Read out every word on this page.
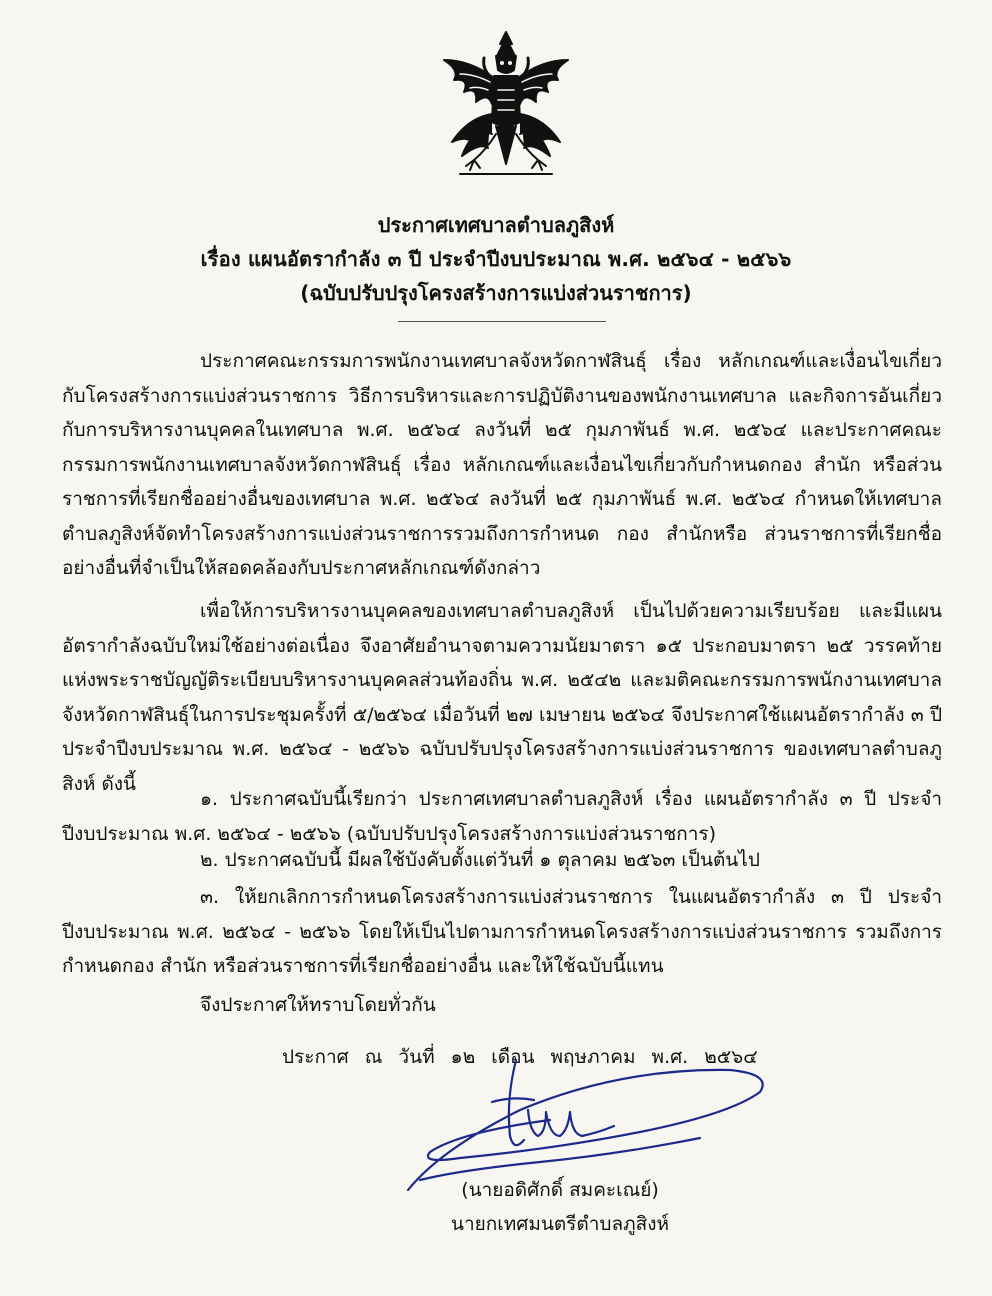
ประกาศเทศบาลตำบลภูสิงห์
เรื่อง แผนอัตรากำลัง ๓ ปี ประจำปีงบประมาณ พ.ศ. ๒๕๖๔ - ๒๕๖๖
(ฉบับปรับปรุงโครงสร้างการแบ่งส่วนราชการ)
ประกาศคณะกรรมการพนักงานเทศบาลจังหวัดกาฬสินธุ์ เรื่อง หลักเกณฑ์และเงื่อนไขเกี่ยวกับโครงสร้างการแบ่งส่วนราชการ วิธีการบริหารและการปฏิบัติงานของพนักงานเทศบาล และกิจการอันเกี่ยวกับการบริหารงานบุคคลในเทศบาล พ.ศ. ๒๕๖๔ ลงวันที่ ๒๕ กุมภาพันธ์ พ.ศ. ๒๕๖๔ และประกาศคณะกรรมการพนักงานเทศบาลจังหวัดกาฬสินธุ์ เรื่อง หลักเกณฑ์และเงื่อนไขเกี่ยวกับกำหนดกอง สำนัก หรือส่วนราชการที่เรียกชื่ออย่างอื่นของเทศบาล พ.ศ. ๒๕๖๔ ลงวันที่ ๒๕ กุมภาพันธ์ พ.ศ. ๒๕๖๔ กำหนดให้เทศบาลตำบลภูสิงห์จัดทำโครงสร้างการแบ่งส่วนราชการรวมถึงการกำหนด กอง สำนักหรือ ส่วนราชการที่เรียกชื่ออย่างอื่นที่จำเป็นให้สอดคล้องกับประกาศหลักเกณฑ์ดังกล่าว
เพื่อให้การบริหารงานบุคคลของเทศบาลตำบลภูสิงห์ เป็นไปด้วยความเรียบร้อย และมีแผนอัตรากำลังฉบับใหม่ใช้อย่างต่อเนื่อง จึงอาศัยอำนาจตามความนัยมาตรา ๑๕ ประกอบมาตรา ๒๕ วรรคท้าย แห่งพระราชบัญญัติระเบียบบริหารงานบุคคลส่วนท้องถิ่น พ.ศ. ๒๕๔๒ และมติคณะกรรมการพนักงานเทศบาลจังหวัดกาฬสินธุ์ในการประชุมครั้งที่ ๕/๒๕๖๔ เมื่อวันที่ ๒๗ เมษายน ๒๕๖๔ จึงประกาศใช้แผนอัตรากำลัง ๓ ปี ประจำปีงบประมาณ พ.ศ. ๒๕๖๔ - ๒๕๖๖ ฉบับปรับปรุงโครงสร้างการแบ่งส่วนราชการ ของเทศบาลตำบลภูสิงห์ ดังนี้
๑. ประกาศฉบับนี้เรียกว่า ประกาศเทศบาลตำบลภูสิงห์ เรื่อง แผนอัตรากำลัง ๓ ปี ประจำปีงบประมาณ พ.ศ. ๒๕๖๔ - ๒๕๖๖ (ฉบับปรับปรุงโครงสร้างการแบ่งส่วนราชการ)
๒. ประกาศฉบับนี้ มีผลใช้บังคับตั้งแต่วันที่ ๑ ตุลาคม ๒๕๖๓ เป็นต้นไป
๓. ให้ยกเลิกการกำหนดโครงสร้างการแบ่งส่วนราชการ ในแผนอัตรากำลัง ๓ ปี ประจำปีงบประมาณ พ.ศ. ๒๕๖๔ - ๒๕๖๖ โดยให้เป็นไปตามการกำหนดโครงสร้างการแบ่งส่วนราชการ รวมถึงการกำหนดกอง สำนัก หรือส่วนราชการที่เรียกชื่ออย่างอื่น และให้ใช้ฉบับนี้แทน
จึงประกาศให้ทราบโดยทั่วกัน
ประกาศ ณ วันที่ ๑๒ เดือน พฤษภาคม พ.ศ. ๒๕๖๔
(นายอดิศักดิ์ สมคะเณย์)
นายกเทศมนตรีตำบลภูสิงห์
